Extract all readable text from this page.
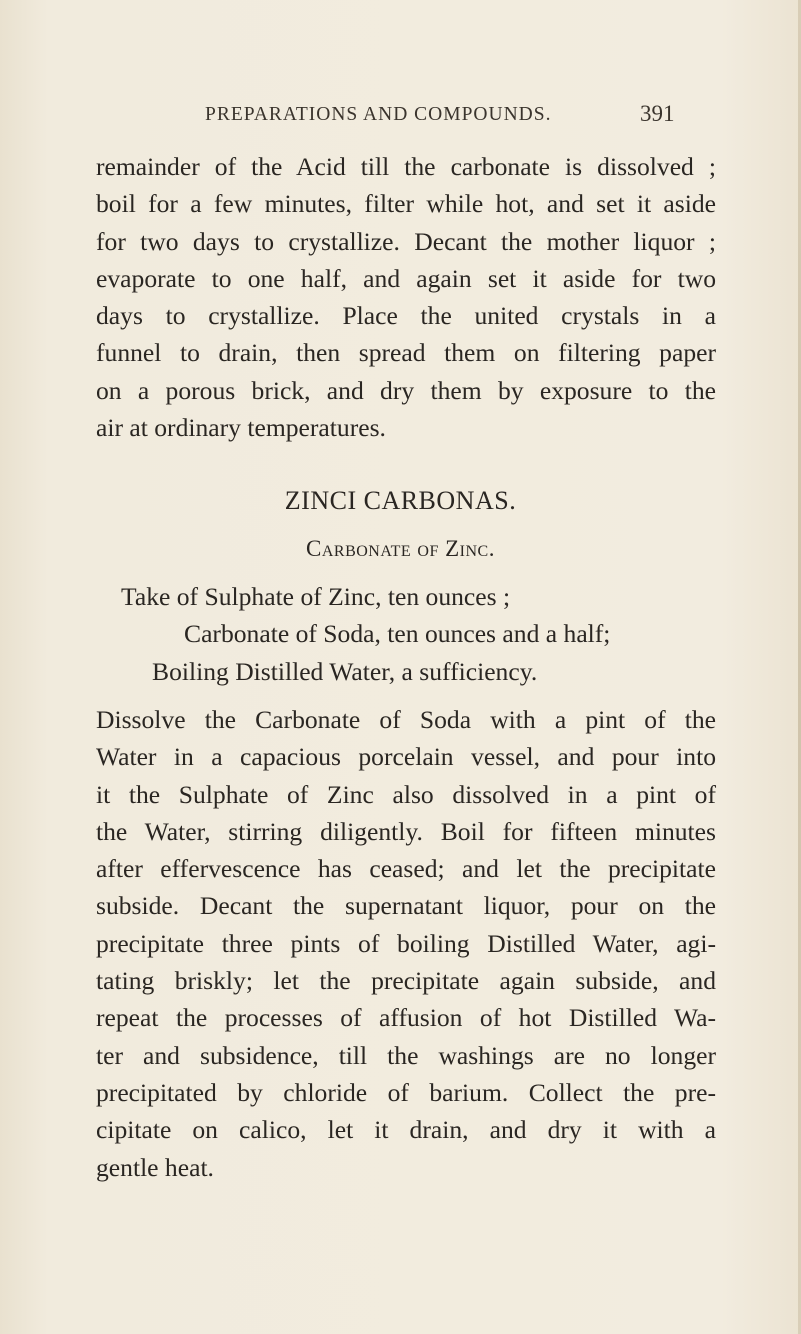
PREPARATIONS AND COMPOUNDS.	391
remainder of the Acid till the carbonate is dissolved ;
boil for a few minutes, filter while hot, and set it aside
for two days to crystallize. Decant the mother liquor ;
evaporate to one half, and again set it aside for two
days to crystallize. Place the united crystals in a
funnel to drain, then spread them on filtering paper
on a porous brick, and dry them by exposure to the
air at ordinary temperatures.
ZINCI CARBONAS.
Carbonate of Zinc.
Take of Sulphate of Zinc, ten ounces ;
Carbonate of Soda, ten ounces and a half;
Boiling Distilled Water, a sufficiency.
Dissolve the Carbonate of Soda with a pint of the
Water in a capacious porcelain vessel, and pour into
it the Sulphate of Zinc also dissolved in a pint of
the Water, stirring diligently. Boil for fifteen minutes
after effervescence has ceased; and let the precipitate
subside. Decant the supernatant liquor, pour on the
precipitate three pints of boiling Distilled Water, agi-
tating briskly; let the precipitate again subside, and
repeat the processes of affusion of hot Distilled Wa-
ter and subsidence, till the washings are no longer
precipitated by chloride of barium. Collect the pre-
cipitate on calico, let it drain, and dry it with a
gentle heat.
